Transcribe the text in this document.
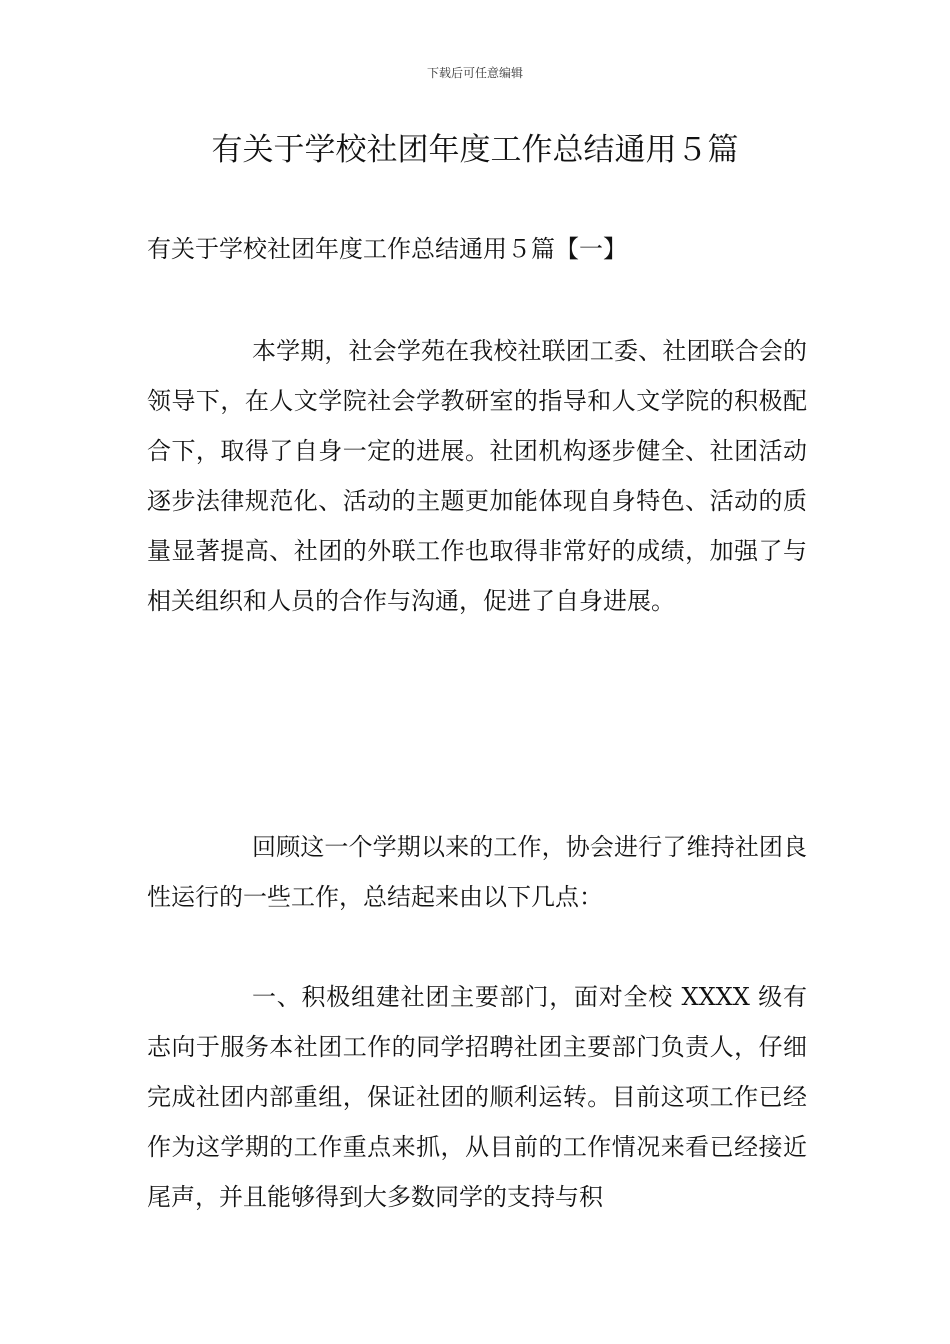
下载后可任意编辑
有关于学校社团年度工作总结通用５篇
有关于学校社团年度工作总结通用５篇【一】

本学期，社会学苑在我校社联团工委、社团联合会的领导下，在人文学院社会学教研室的指导和人文学院的积极配合下，取得了自身一定的进展。社团机构逐步健全、社团活动逐步法律规范化、活动的主题更加能体现自身特色、活动的质量显著提高、社团的外联工作也取得非常好的成绩，加强了与相关组织和人员的合作与沟通，促进了自身进展。

回顾这一个学期以来的工作，协会进行了维持社团良性运行的一些工作，总结起来由以下几点：

一、积极组建社团主要部门，面对全校 XXXX 级有志向于服务本社团工作的同学招聘社团主要部门负责人，仔细完成社团内部重组，保证社团的顺利运转。目前这项工作已经作为这学期的工作重点来抓，从目前的工作情况来看已经接近尾声，并且能够得到大多数同学的支持与积
